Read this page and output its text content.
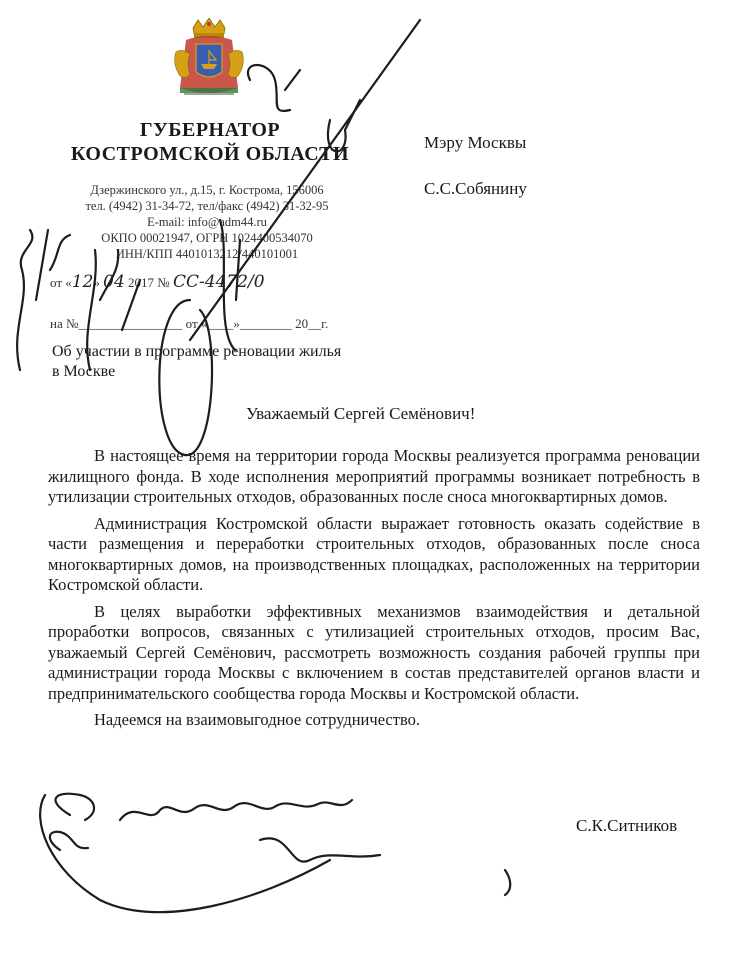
ГУБЕРНАТОР
КОСТРОМСКОЙ ОБЛАСТИ
Дзержинского ул., д.15, г. Кострома, 156006
тел. (4942) 31-34-72, тел/факс (4942) 31-32-95
E-mail: info@adm44.ru
ОКПО 00021947, ОГРН 1024400534070
ИНН/КПП 4401013212/440101001
Мэру Москвы
С.С.Собянину
от «12» 04 2017 № СС-4472/0
на №________________ от «____»________ 20__г.
Об участии в программе реновации жилья в Москве
Уважаемый Сергей Семёнович!

В настоящее время на территории города Москвы реализуется программа реновации жилищного фонда. В ходе исполнения мероприятий программы возникает потребность в утилизации строительных отходов, образованных после сноса многоквартирных домов.

Администрация Костромской области выражает готовность оказать содействие в части размещения и переработки строительных отходов, образованных после сноса многоквартирных домов, на производственных площадках, расположенных на территории Костромской области.

В целях выработки эффективных механизмов взаимодействия и детальной проработки вопросов, связанных с утилизацией строительных отходов, просим Вас, уважаемый Сергей Семёнович, рассмотреть возможность создания рабочей группы при администрации города Москвы с включением в состав представителей органов власти и предпринимательского сообщества города Москвы и Костромской области.

Надеемся на взаимовыгодное сотрудничество.

С.К.Ситников
